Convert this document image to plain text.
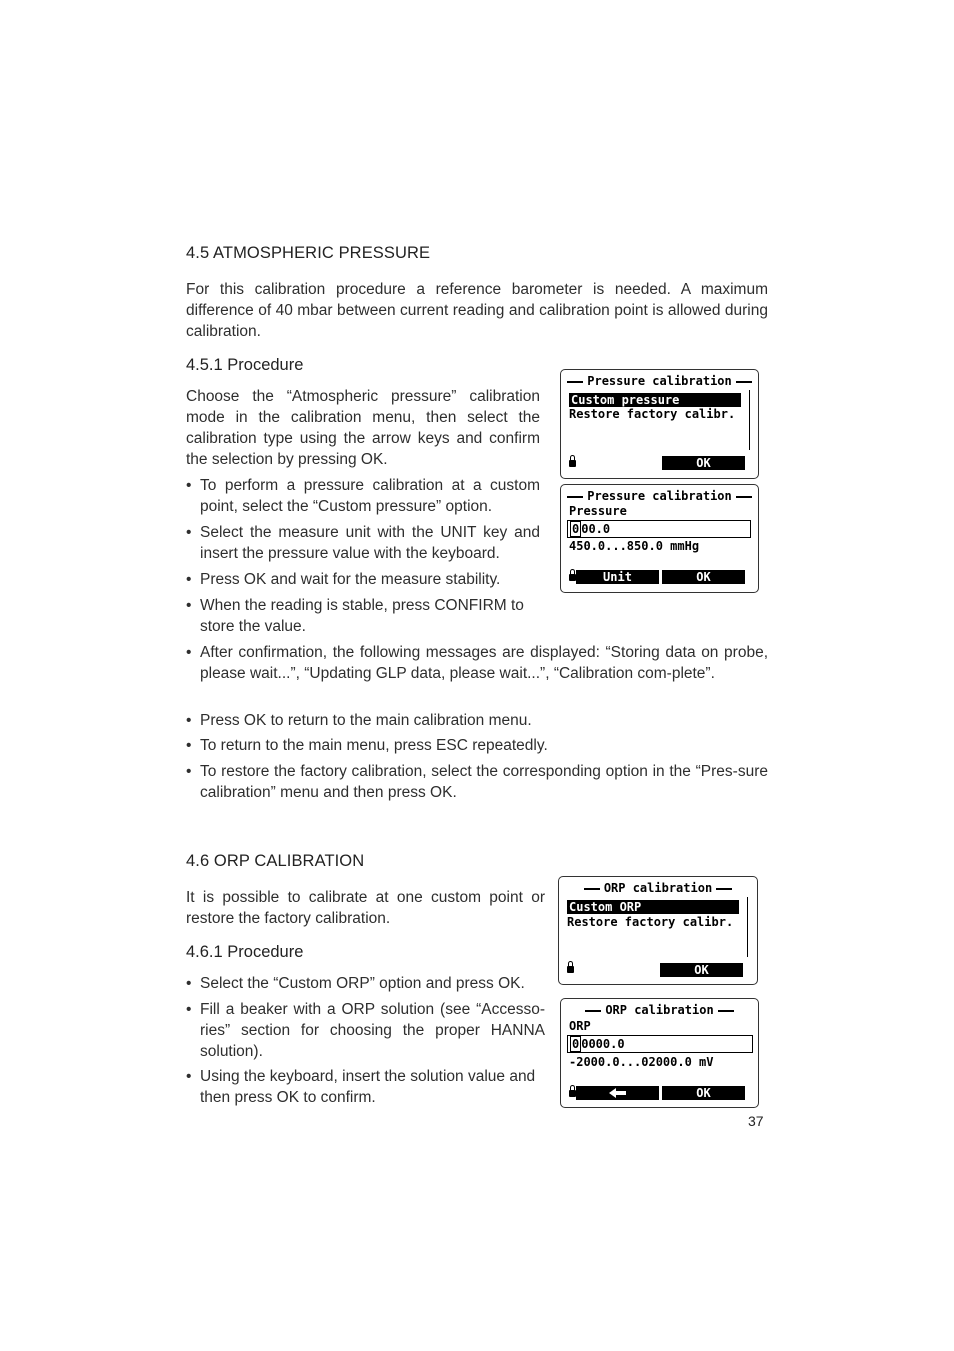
4.5 ATMOSPHERIC PRESSURE
For this calibration procedure a reference barometer is needed. A maximum difference of 40 mbar between current reading and calibration point is allowed during calibration.
4.5.1 Procedure
Choose the “Atmospheric pressure” calibration mode in the calibration menu, then select the calibration type using the arrow keys and confirm the selection by pressing OK.
• To perform a pressure calibration at a custom point, select the “Custom pressure” option.
• Select the measure unit with the UNIT key and insert the pressure value with the keyboard.
• Press OK and wait for the measure stability.
• When the reading is stable, press CONFIRM to store the value.
• After confirmation, the following messages are displayed: “Storing data on probe, please wait...”, “Updating GLP data, please wait...”, “Calibration com-plete”.
• Press OK to return to the main calibration menu.
• To return to the main menu, press ESC repeatedly.
• To restore the factory calibration, select the corresponding option in the “Pres-sure calibration” menu and then press OK.
Pressure calibration
Custom pressure
Restore factory calibr.
OK
Pressure calibration
Pressure
0 00.0
450.0...850.0 mmHg
Unit	OK
4.6 ORP CALIBRATION
It is possible to calibrate at one custom point or restore the factory calibration.
4.6.1 Procedure
• Select the “Custom ORP” option and press OK.
• Fill a beaker with a ORP solution (see “Accesso-ries” section for choosing the proper HANNA solution).
• Using the keyboard, insert the solution value and then press OK to confirm.
ORP calibration
Custom ORP
Restore factory calibr.
OK
ORP calibration
ORP
0 0000.0
-2000.0...02000.0 mV
OK
37
